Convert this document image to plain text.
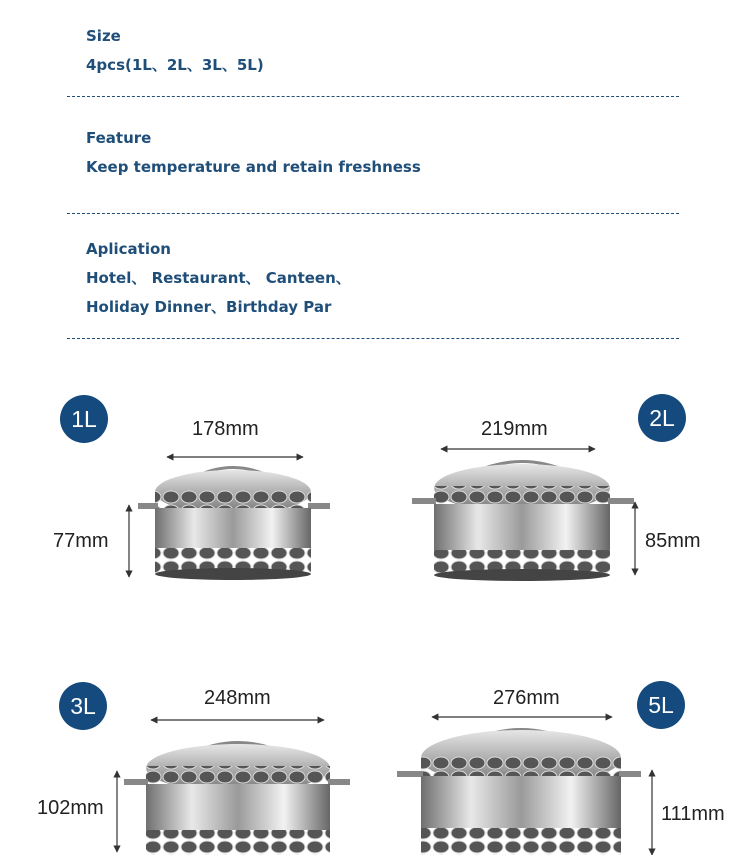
Size
4pcs(1L、2L、3L、5L)
Feature
Keep temperature and retain freshness
Aplication
Hotel、 Restaurant、 Canteen、
Holiday Dinner、Birthday Par
1L	2L
3L	5L
178mm
77mm
219mm
85mm
248mm
102mm
276mm
111mm
